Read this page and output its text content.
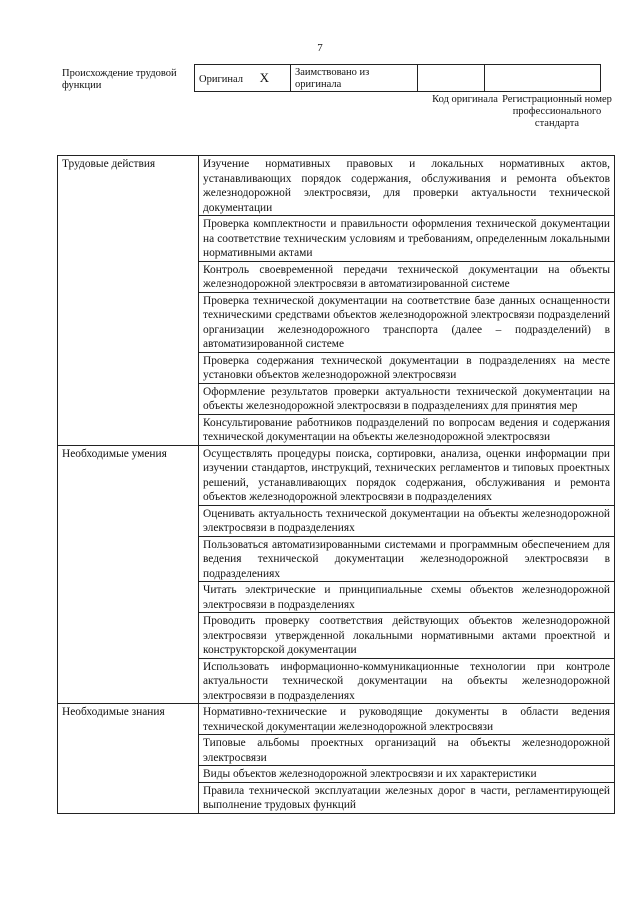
7
Происхождение трудовой функции
Оригинал X	Заимствовано из оригинала		
Код оригинала Регистрационный номер профессионального стандарта
Трудовые действия	Изучение нормативных правовых и локальных нормативных актов, устанавливающих порядок содержания, обслуживания и ремонта объектов железнодорожной электросвязи, для проверки актуальности технической документации
	Проверка комплектности и правильности оформления технической документации на соответствие техническим условиям и требованиям, определенным локальными нормативными актами
	Контроль своевременной передачи технической документации на объекты железнодорожной электросвязи в автоматизированной системе
	Проверка технической документации на соответствие базе данных оснащенности техническими средствами объектов железнодорожной электросвязи подразделений организации железнодорожного транспорта (далее – подразделений) в автоматизированной системе
	Проверка содержания технической документации в подразделениях на месте установки объектов железнодорожной электросвязи
	Оформление результатов проверки актуальности технической документации на объекты железнодорожной электросвязи в подразделениях для принятия мер
	Консультирование работников подразделений по вопросам ведения и содержания технической документации на объекты железнодорожной электросвязи
Необходимые умения	Осуществлять процедуры поиска, сортировки, анализа, оценки информации при изучении стандартов, инструкций, технических регламентов и типовых проектных решений, устанавливающих порядок содержания, обслуживания и ремонта объектов железнодорожной электросвязи в подразделениях
	Оценивать актуальность технической документации на объекты железнодорожной электросвязи в подразделениях
	Пользоваться автоматизированными системами и программным обеспечением для ведения технической документации железнодорожной электросвязи в подразделениях
	Читать электрические и принципиальные схемы объектов железнодорожной электросвязи в подразделениях
	Проводить проверку соответствия действующих объектов железнодорожной электросвязи утвержденной локальными нормативными актами проектной и конструкторской документации
	Использовать информационно-коммуникационные технологии при контроле актуальности технической документации на объекты железнодорожной электросвязи в подразделениях
Необходимые знания	Нормативно-технические и руководящие документы в области ведения технической документации железнодорожной электросвязи
	Типовые альбомы проектных организаций на объекты железнодорожной электросвязи
	Виды объектов железнодорожной электросвязи и их характеристики
	Правила технической эксплуатации железных дорог в части, регламентирующей выполнение трудовых функций
